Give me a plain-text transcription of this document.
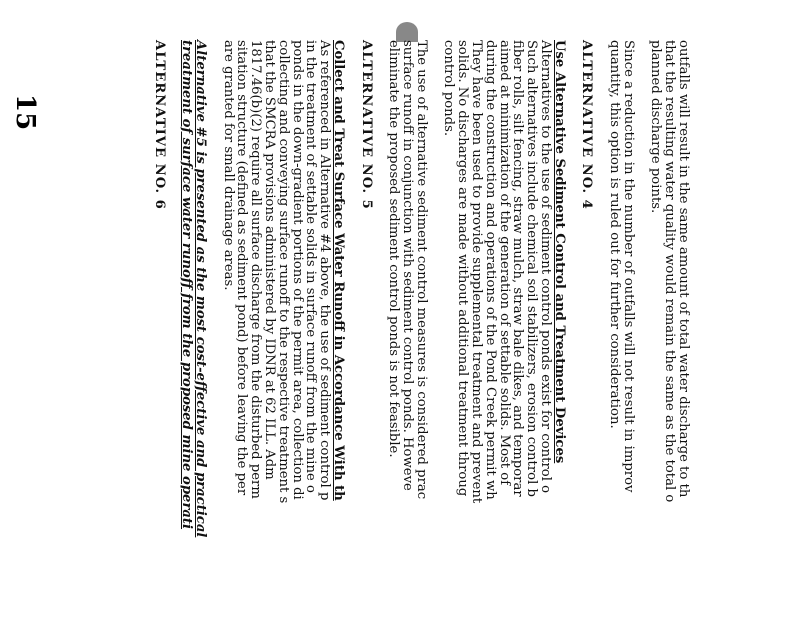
15	outfalls will result in the same amount of total water discharge to th
that the resulting water quality would remain the same as the total o
planned discharge points.
Since a reduction in the number of outfalls will not result in improv
quantity, this option is ruled out for further consideration.
ALTERNATIVE NO. 4
Use Alternative Sediment Control and Treatment Devices
Alternatives to the use of sediment control ponds exist for control o
Such alternatives include chemical soil stabilizers, erosion control b
fiber rolls, silt fencing, straw mulch, straw bale dikes, and temporar
aimed at minimization of the generation of settable solids. Most of
during the construction and operations of the Pond Creek permit wh
They have been used to provide supplemental treatment and prevent
solids. No discharges are made without additional treatment throug
control ponds.
The use of alternative sediment control measures is considered prac
surface runoff in conjunction with sediment control ponds. Howeve
eliminate the proposed sediment control ponds is not feasible.
ALTERNATIVE NO. 5
Collect and Treat Surface Water Runoff in Accordance With th
As referenced in Alternative #4 above, the use of sediment control p
in the treatment of settable solids in surface runoff from the mine o
ponds in the down-gradient portions of the permit area, collection di
collecting and conveying surface runoff to the respective treatment s
that the SMCRA provisions administered by IDNR at 62 ILL. Adm
1817.46(b)(2) require all surface discharge from the disturbed perm
sitation structure (defined as sediment pond) before leaving the per
are granted for small drainage areas.
Alternative #5 is presented as the most cost-effective and practical
treatment of surface water runoff from the proposed mine operati
ALTERNATIVE NO. 6
